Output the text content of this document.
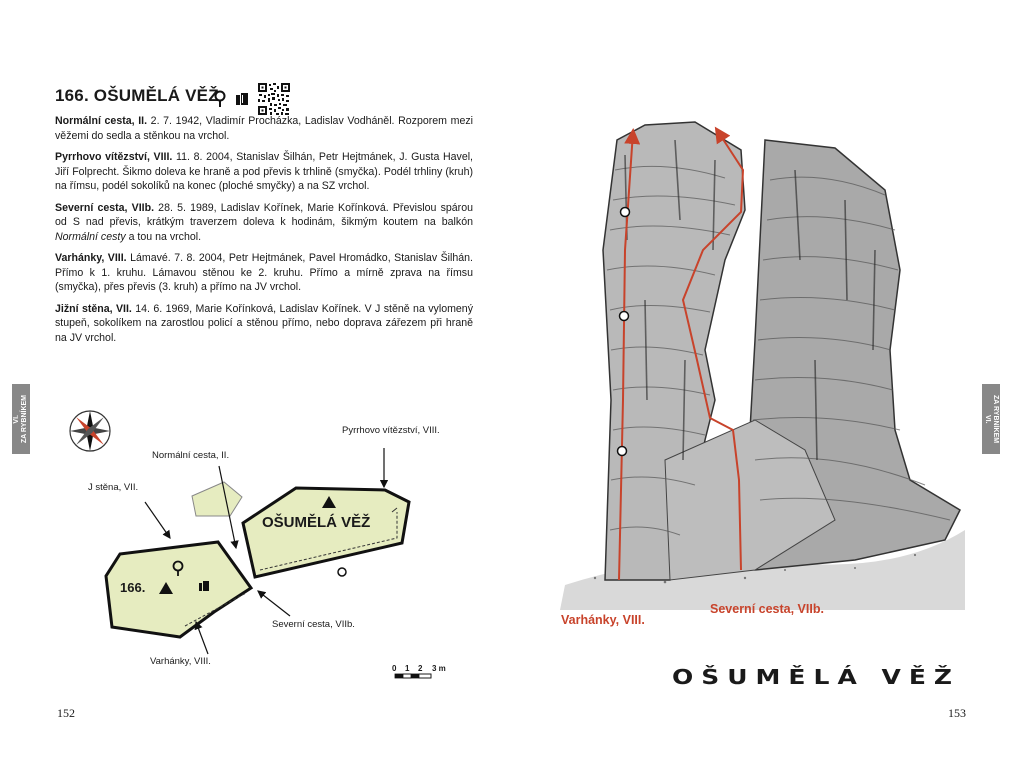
166. OŠUMĚLÁ VĚŽ

Normální cesta, II. 2. 7. 1942, Vladimír Procházka, Ladislav Vodháněl. Rozporem mezi věžemi do sedla a stěnkou na vrchol.

Pyrrhovo vítězství, VIII. 11. 8. 2004, Stanislav Šilhán, Petr Hejtmánek, J. Gusta Havel, Jiří Folprecht. Šikmo doleva ke hraně a pod převis k trhlině (smyčka). Podél trhliny (kruh) na římsu, podél sokolíků na konec (ploché smyčky) a na SZ vrchol.

Severní cesta, VIIb. 28. 5. 1989, Ladislav Kořínek, Marie Kořínková. Převislou spárou od S nad převis, krátkým traverzem doleva k hodinám, šikmým koutem na balkón Normální cesty a tou na vrchol.

Varhánky, VIII. Lámavé. 7. 8. 2004, Petr Hejtmánek, Pavel Hromádko, Stanislav Šilhán. Přímo k 1. kruhu. Lámavou stěnou ke 2. kruhu. Přímo a mírně zprava na římsu (smyčka), přes převis (3. kruh) a přímo na JV vrchol.

Jižní stěna, VII. 14. 6. 1969, Marie Kořínková, Ladislav Kořínek. V J stěně na vylomený stupeň, sokolíkem na zarostlou policí a stěnou přímo, nebo doprava zářezem při hraně na JV vrchol.

VI. ZA RYBNÍKEM
OŠUMĚLÁ VĚŽ
166.
Pyrrhovo vítězství, VIII.
Normální cesta, II.
J stěna, VII.
Severní cesta, VIIb.
Varhánky, VIII.
0 1 2 3 m
152
Varhánky, VIII.
Severní cesta, VIIb.
OŠUMĚLÁ VĚŽ
VI. ZA RYBNÍKEM
153
